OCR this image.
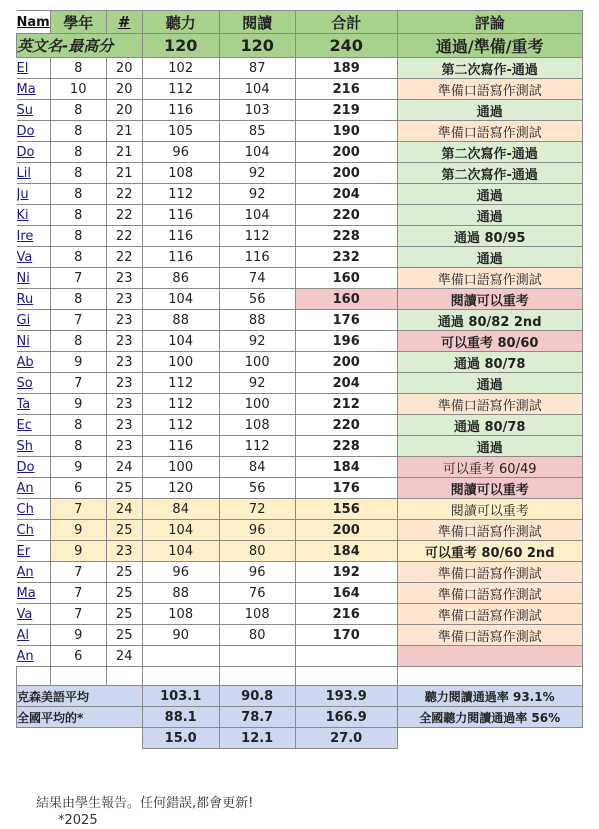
Nam	學年	#	聽力	閱讀	合計	評論
英文名-最高分			120	120	240	通過/準備/重考
El	8	20	102	87	189	第二次寫作-通過
Ma	10	20	112	104	216	準備口語寫作測試
Su	8	20	116	103	219	通過
Do	8	21	105	85	190	準備口語寫作測試
Do	8	21	96	104	200	第二次寫作-通過
Lil	8	21	108	92	200	第二次寫作-通過
Ju	8	22	112	92	204	通過
Ki	8	22	116	104	220	通過
Ire	8	22	116	112	228	通過 80/95
Va	8	22	116	116	232	通過
Ni	7	23	86	74	160	準備口語寫作測試
Ru	8	23	104	56	160	閱讀可以重考
Gi	7	23	88	88	176	通過 80/82 2nd
Ni	8	23	104	92	196	可以重考 80/60
Ab	9	23	100	100	200	通過 80/78
So	7	23	112	92	204	通過
Ta	9	23	112	100	212	準備口語寫作測試
Ec	8	23	112	108	220	通過 80/78
Sh	8	23	116	112	228	通過
Do	9	24	100	84	184	可以重考 60/49
An	6	25	120	56	176	閱讀可以重考
Ch	7	24	84	72	156	閱讀可以重考
Ch	9	25	104	96	200	準備口語寫作測試
Er	9	23	104	80	184	可以重考 80/60 2nd
An	7	25	96	96	192	準備口語寫作測試
Ma	7	25	88	76	164	準備口語寫作測試
Va	7	25	108	108	216	準備口語寫作測試
Al	9	25	90	80	170	準備口語寫作測試
An	6	24				

克森美語平均			103.1	90.8	193.9	聽力閱讀通過率 93.1%
全國平均的*			88.1	78.7	166.9	全國聽力閱讀通過率 56%
			15.0	12.1	27.0	
結果由學生報告。任何錯誤,都會更新!
*2025
